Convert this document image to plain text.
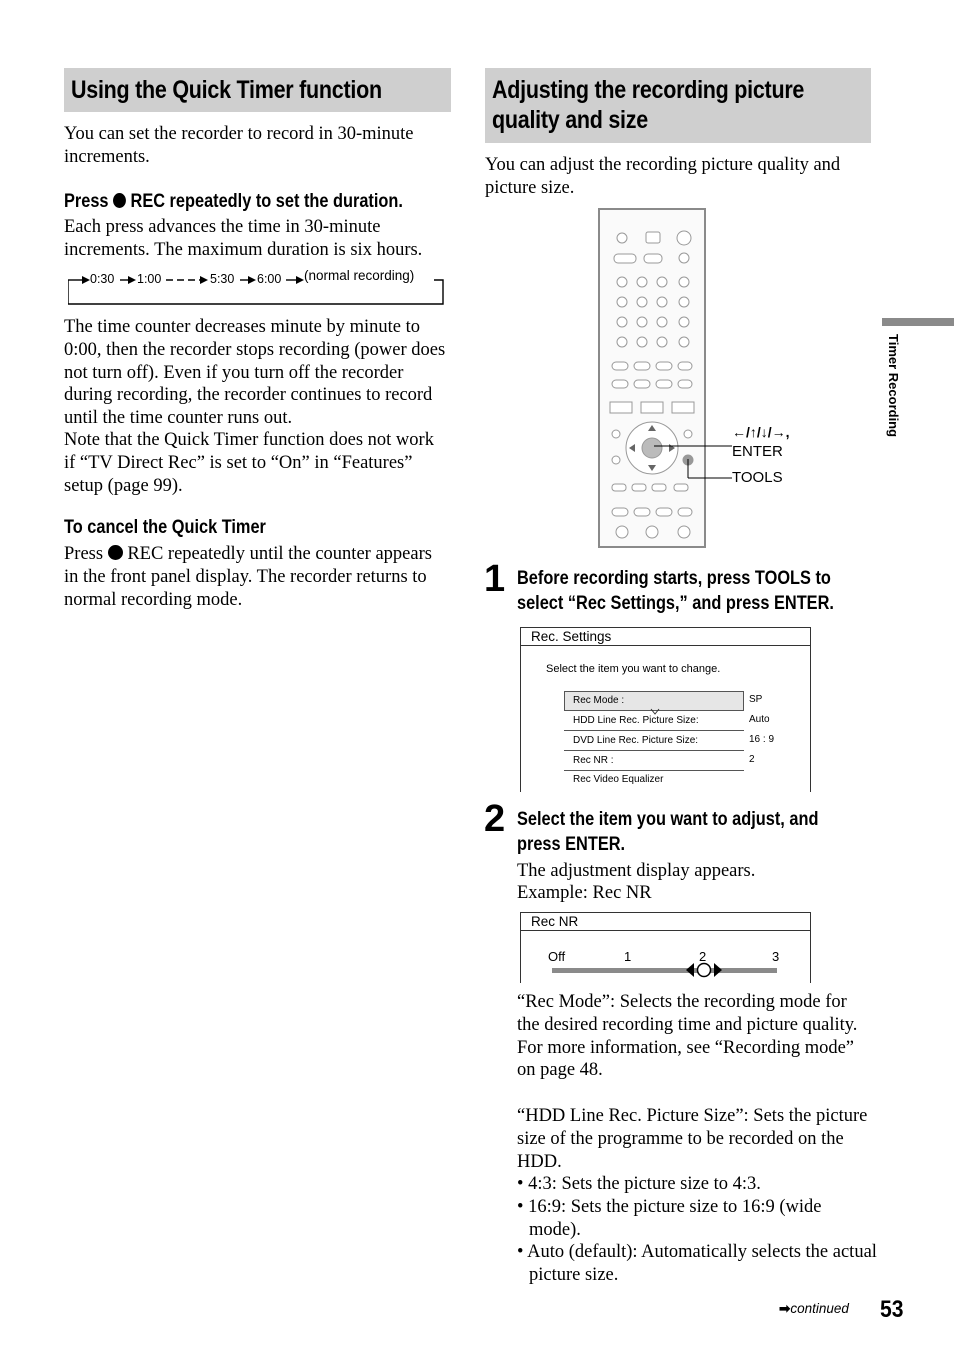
Using the Quick Timer function

You can set the recorder to record in 30-minute increments.

Press REC repeatedly to set the duration.

Each press advances the time in 30-minute increments. The maximum duration is six hours.

0:30 1:00	5:30 6:00 (normal recording)

The time counter decreases minute by minute to 0:00, then the recorder stops recording (power does not turn off). Even if you turn off the recorder during recording, the recorder continues to record until the time counter runs out.

Note that the Quick Timer function does not work if “TV Direct Rec” is set to “On” in “Features” setup (page 99).

To cancel the Quick Timer

Press REC repeatedly until the counter appears in the front panel display. The recorder returns to normal recording mode.

Adjusting the recording picture
quality and size

You can adjust the recording picture quality and picture size.

←/↑/↓/→,
ENTER
TOOLS
1 Before recording starts, press TOOLS to

select “Rec Settings,” and press ENTER.

Rec. Settings
Select the item you want to change.
Rec Mode :	SP
HDD Line Rec. Picture Size:	Auto
DVD Line Rec. Picture Size:	16 : 9
Rec NR :	2
Rec Video Equalizer
2 Select the item you want to adjust, and

press ENTER.

The adjustment display appears.

Example: Rec NR

Rec NR
Off	1	2	3

“Rec Mode”: Selects the recording mode for the desired recording time and picture quality. For more information, see “Recording mode” on page 48.

“HDD Line Rec. Picture Size”: Sets the picture size of the programme to be recorded on the HDD.

• 4:3: Sets the picture size to 4:3.

• 16:9: Sets the picture size to 16:9 (wide mode).

• Auto (default): Automatically selects the actual picture size.

Timer Recording
➡continued 53
